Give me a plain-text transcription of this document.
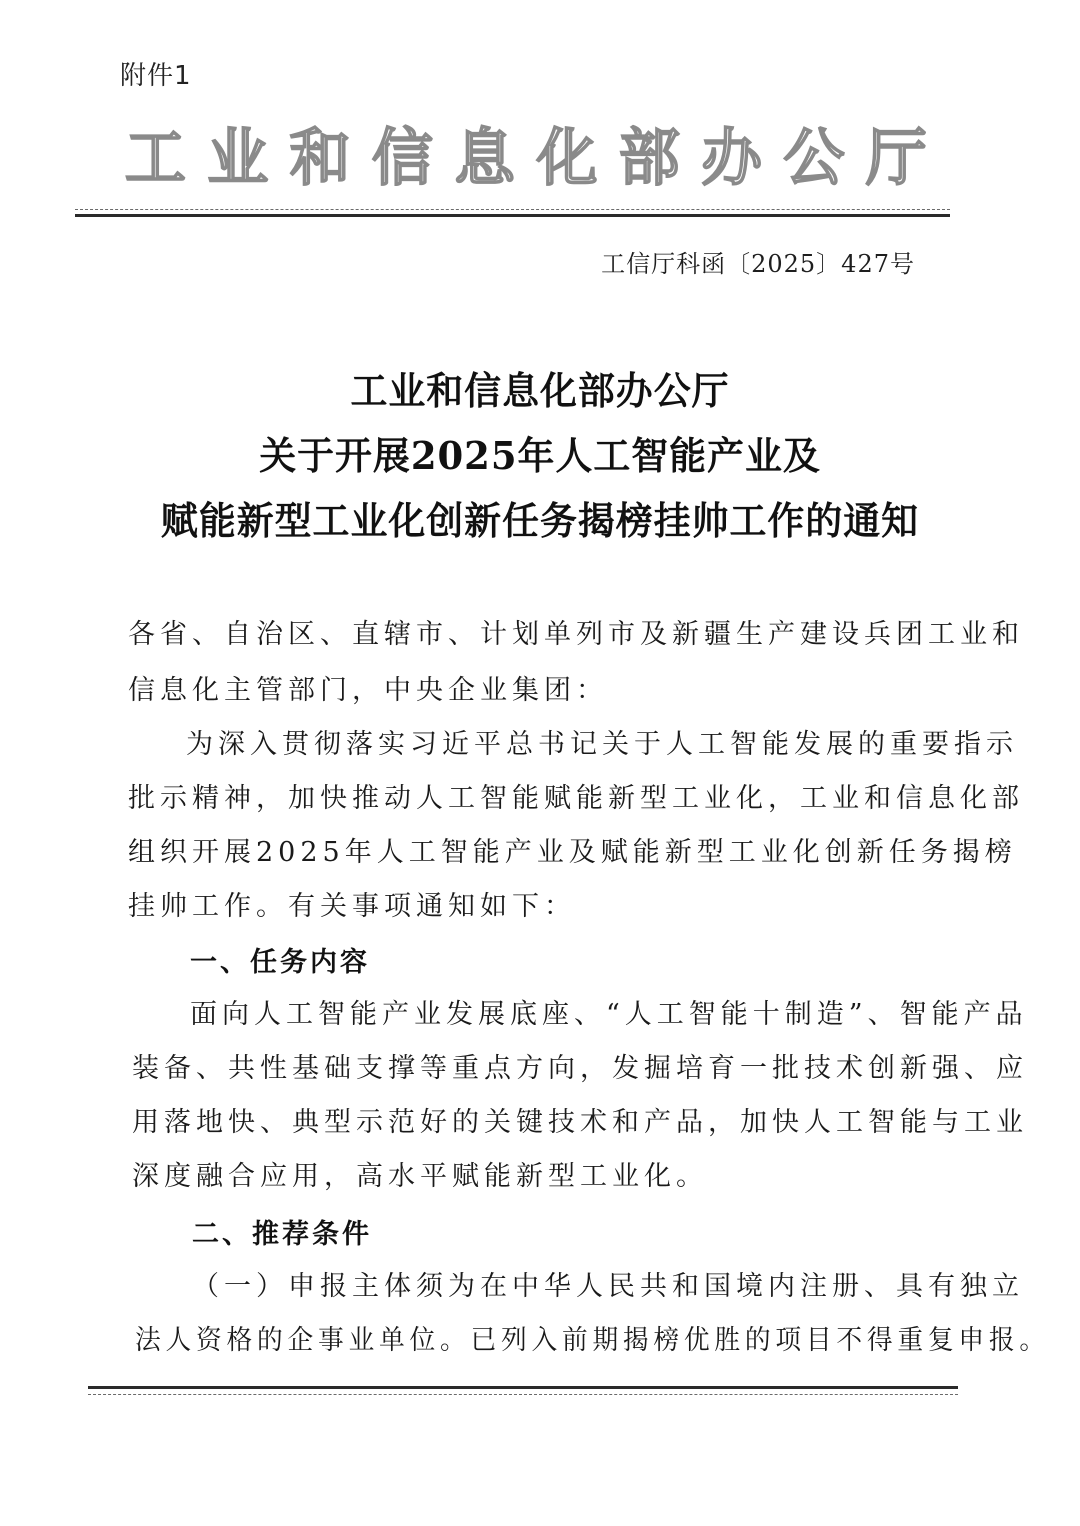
附件1
工业和信息化部办公厅
工信厅科函〔2025〕427号
工业和信息化部办公厅
关于开展2025年人工智能产业及
赋能新型工业化创新任务揭榜挂帅工作的通知
各省、自治区、直辖市、计划单列市及新疆生产建设兵团工业和
信息化主管部门，中央企业集团：
为深入贯彻落实习近平总书记关于人工智能发展的重要指示
批示精神，加快推动人工智能赋能新型工业化，工业和信息化部
组织开展2025年人工智能产业及赋能新型工业化创新任务揭榜
挂帅工作。有关事项通知如下：
一、任务内容
面向人工智能产业发展底座、“人工智能十制造”、智能产品
装备、共性基础支撑等重点方向，发掘培育一批技术创新强、应
用落地快、典型示范好的关键技术和产品，加快人工智能与工业
深度融合应用，高水平赋能新型工业化。
二、推荐条件
（一）申报主体须为在中华人民共和国境内注册、具有独立
法人资格的企事业单位。已列入前期揭榜优胜的项目不得重复申报。
